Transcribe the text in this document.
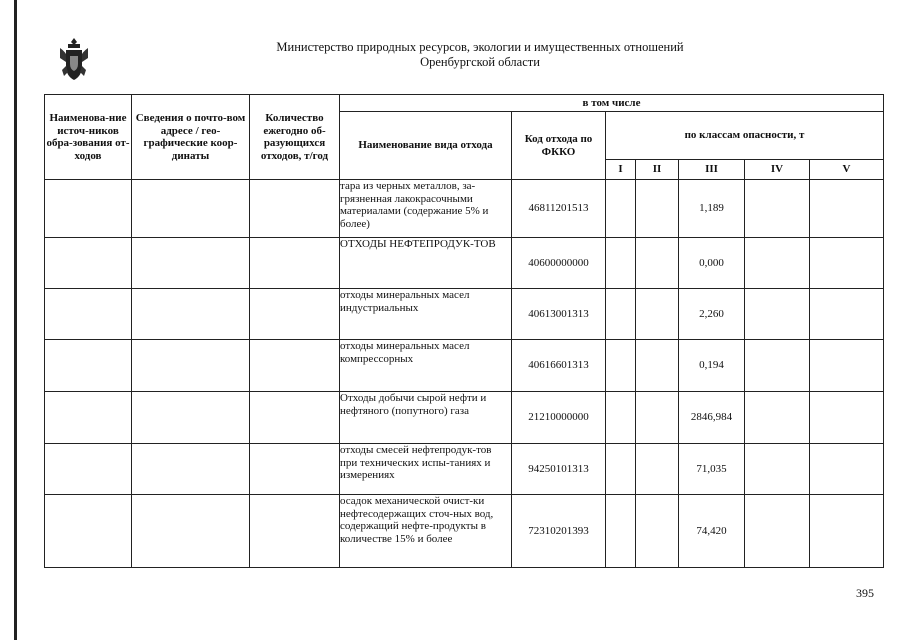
Министерство природных ресурсов, экологии и имущественных отношений
Оренбургской области
Наименова-ние источ-ников обра-зования от-ходов	Сведения о почто-вом адресе / гео-графические коор-динаты	Количество ежегодно об-разующихся отходов, т/год	в том числе						
			Наименование вида отхода	Код отхода по ФККО	по классам опасности, т				
					I	II	III	IV	V
			тара из черных металлов, за-грязненная лакокрасочными материалами (содержание 5% и более)	46811201513			1,189		
			ОТХОДЫ НЕФТЕПРОДУК-ТОВ	40600000000			0,000		
			отходы минеральных масел индустриальных	40613001313			2,260		
			отходы минеральных масел компрессорных	40616601313			0,194		
			Отходы добычи сырой нефти и нефтяного (попутного) газа	21210000000			2846,984		
			отходы смесей нефтепродук-тов при технических испы-таниях и измерениях	94250101313			71,035		
			осадок механической очист-ки нефтесодержащих сточ-ных вод, содержащий нефте-продукты в количестве 15% и более	72310201393			74,420		
395
